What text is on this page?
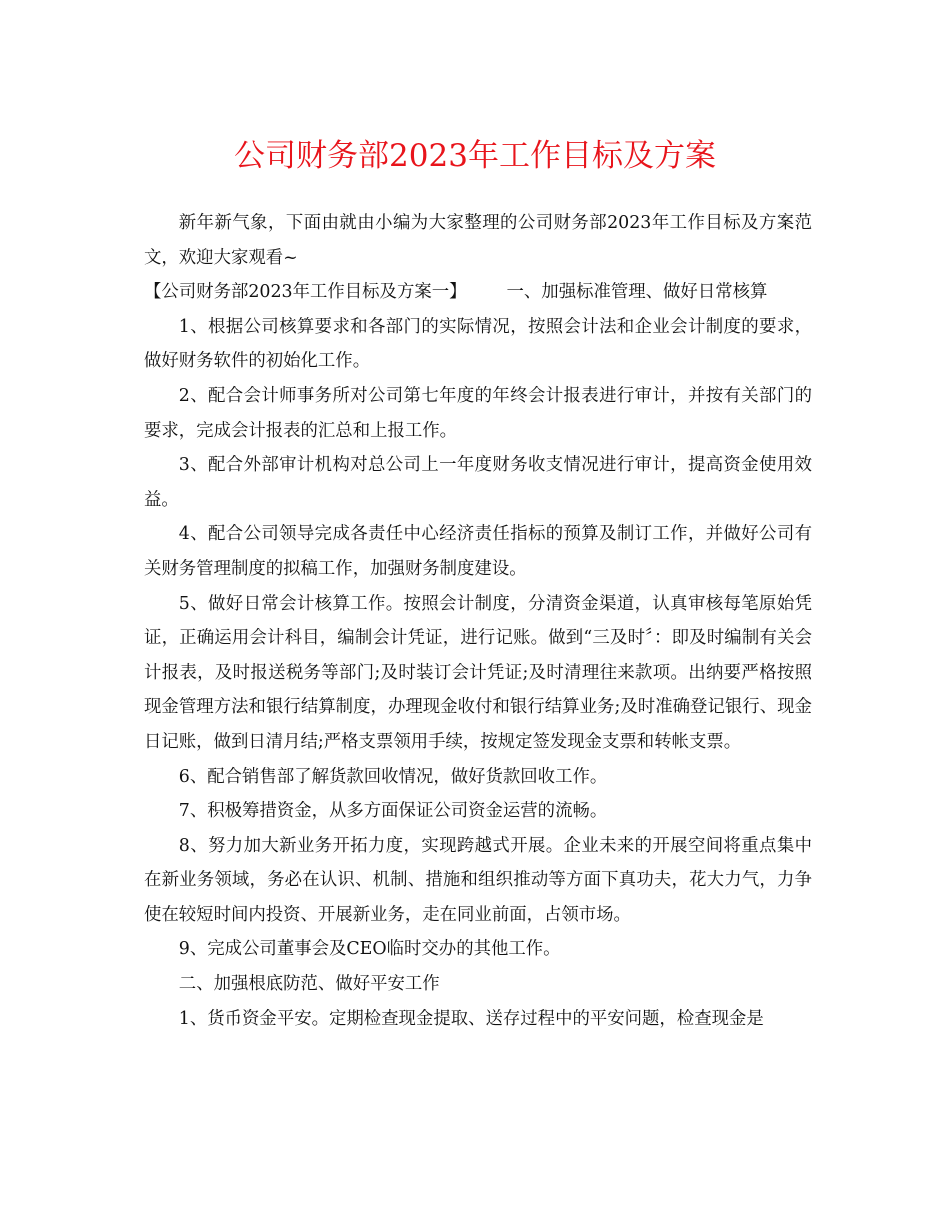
公司财务部2023年工作目标及方案

新年新气象，下面由就由小编为大家整理的公司财务部2023年工作目标及方案范文，欢迎大家观看~

【公司财务部2023年工作目标及方案一】 一、加强标准管理、做好日常核算

1、根据公司核算要求和各部门的实际情况，按照会计法和企业会计制度的要求，做好财务软件的初始化工作。

2、配合会计师事务所对公司第七年度的年终会计报表进行审计，并按有关部门的要求，完成会计报表的汇总和上报工作。

3、配合外部审计机构对总公司上一年度财务收支情况进行审计，提高资金使用效益。

4、配合公司领导完成各责任中心经济责任指标的预算及制订工作，并做好公司有关财务管理制度的拟稿工作，加强财务制度建设。

5、做好日常会计核算工作。按照会计制度，分清资金渠道，认真审核每笔原始凭证，正确运用会计科目，编制会计凭证，进行记账。做到“三及时〞：即及时编制有关会计报表，及时报送税务等部门;及时装订会计凭证;及时清理往来款项。出纳要严格按照现金管理方法和银行结算制度，办理现金收付和银行结算业务;及时准确登记银行、现金日记账，做到日清月结;严格支票领用手续，按规定签发现金支票和转帐支票。

6、配合销售部了解货款回收情况，做好货款回收工作。

7、积极筹措资金，从多方面保证公司资金运营的流畅。

8、努力加大新业务开拓力度，实现跨越式开展。企业未来的开展空间将重点集中在新业务领域，务必在认识、机制、措施和组织推动等方面下真功夫，花大力气，力争使在较短时间内投资、开展新业务，走在同业前面，占领市场。

9、完成公司董事会及CEO临时交办的其他工作。

二、加强根底防范、做好平安工作

1、货币资金平安。定期检查现金提取、送存过程中的平安问题，检查现金是
